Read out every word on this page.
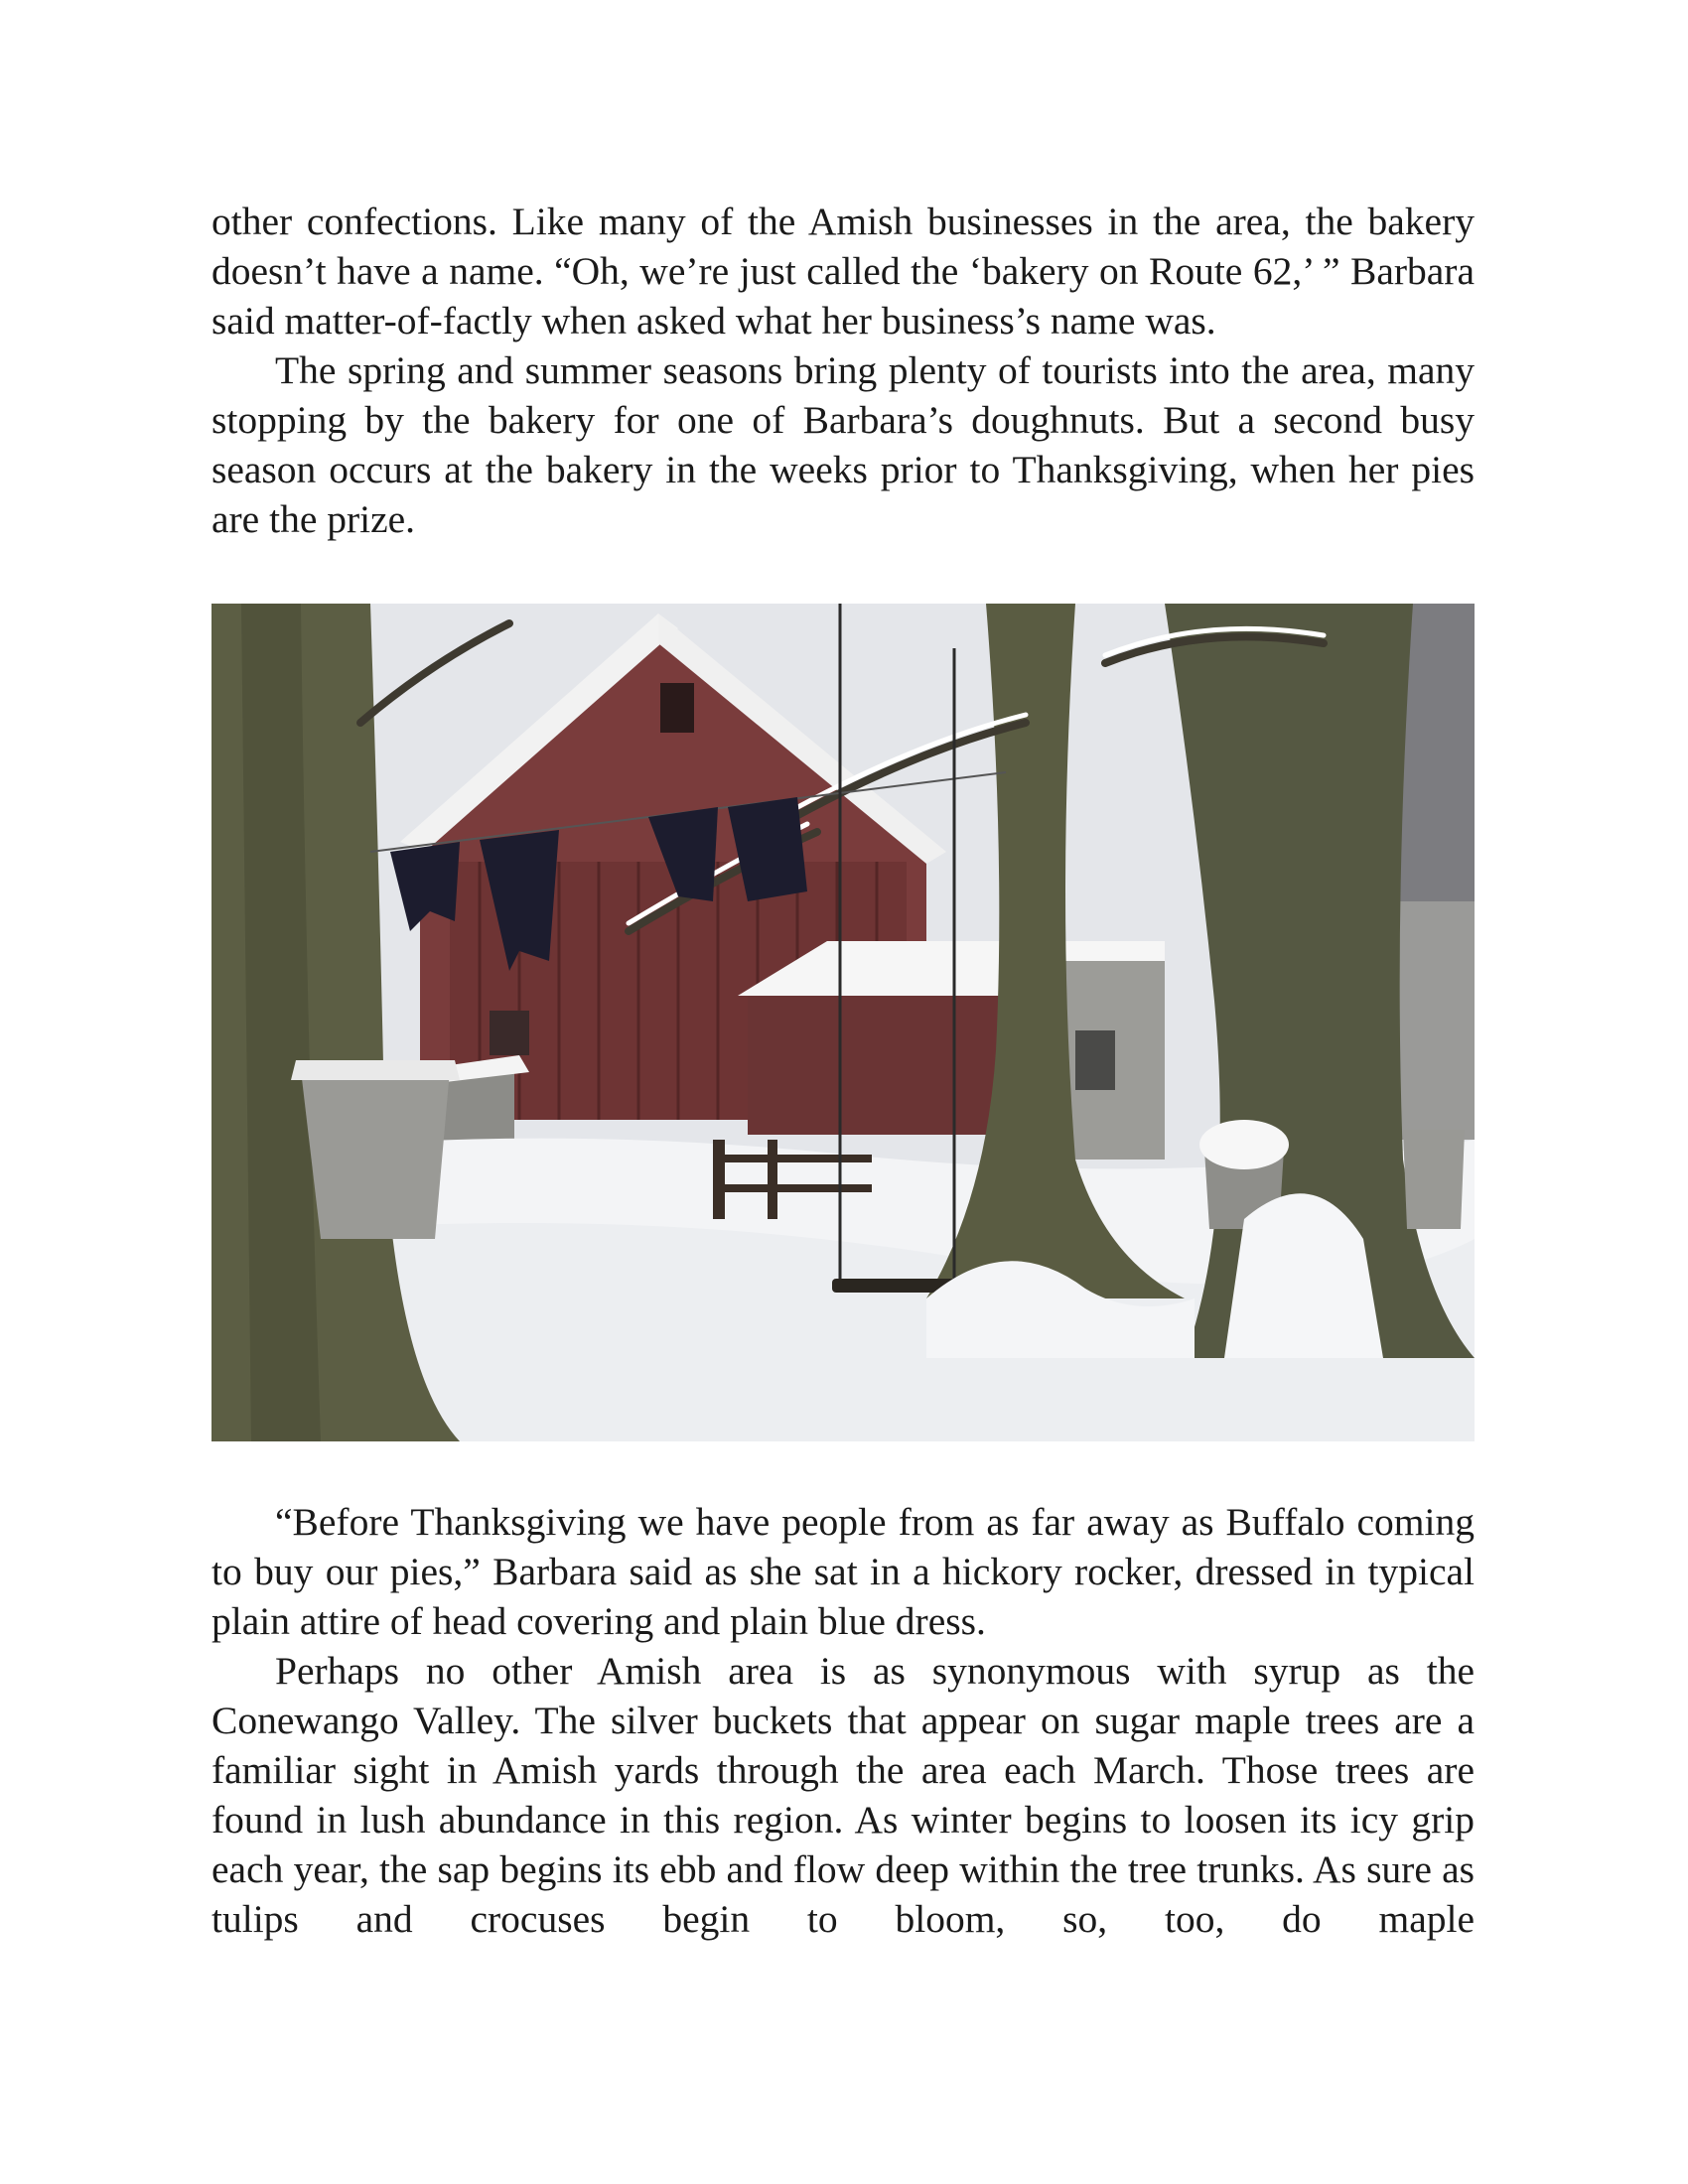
other confections. Like many of the Amish businesses in the area, the bakery doesn’t have a name. “Oh, we’re just called the ‘bakery on Route 62,’ ” Barbara said matter-of-factly when asked what her business’s name was.

The spring and summer seasons bring plenty of tourists into the area, many stopping by the bakery for one of Barbara’s doughnuts. But a second busy season occurs at the bakery in the weeks prior to Thanksgiving, when her pies are the prize.

“Before Thanksgiving we have people from as far away as Buffalo coming to buy our pies,” Barbara said as she sat in a hickory rocker, dressed in typical plain attire of head covering and plain blue dress.

Perhaps no other Amish area is as synonymous with syrup as the Conewango Valley. The silver buckets that appear on sugar maple trees are a familiar sight in Amish yards through the area each March. Those trees are found in lush abundance in this region. As winter begins to loosen its icy grip each year, the sap begins its ebb and flow deep within the tree trunks. As sure as tulips and crocuses begin to bloom, so, too, do maple
